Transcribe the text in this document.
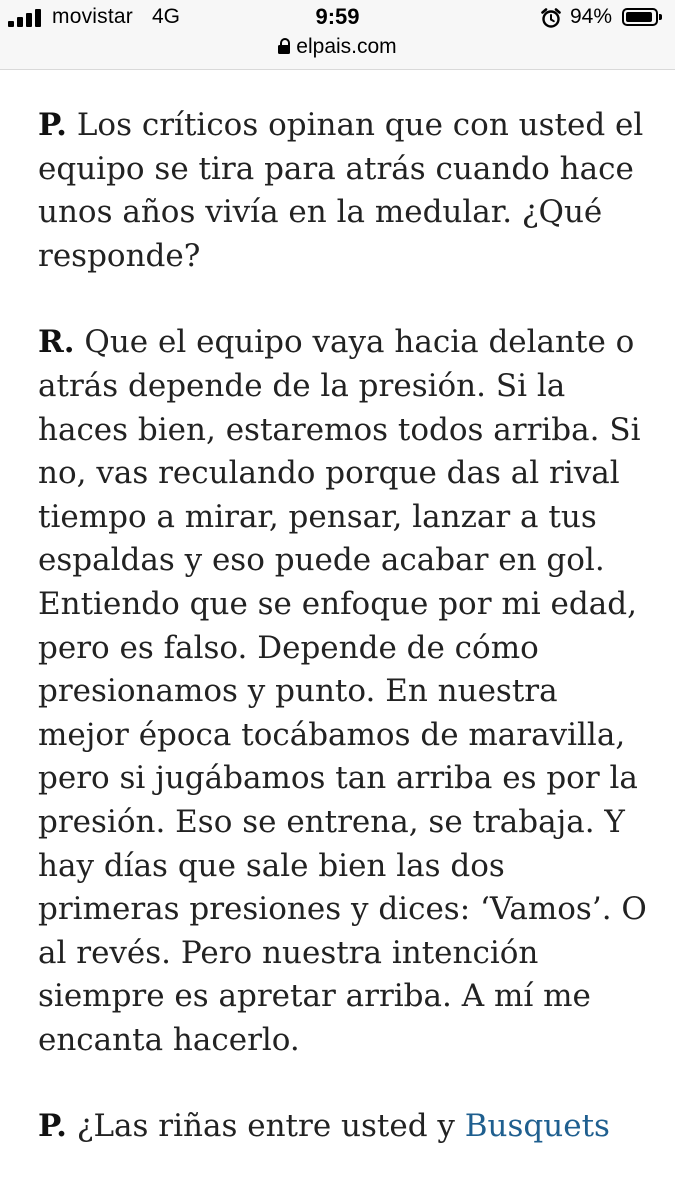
movistar 4G	9:59
elpais.com
94%

P. Los críticos opinan que con usted el equipo se tira para atrás cuando hace unos años vivía en la medular. ¿Qué responde?

R. Que el equipo vaya hacia delante o atrás depende de la presión. Si la haces bien, estaremos todos arriba. Si no, vas reculando porque das al rival tiempo a mirar, pensar, lanzar a tus espaldas y eso puede acabar en gol. Entiendo que se enfoque por mi edad, pero es falso. Depende de cómo presionamos y punto. En nuestra mejor época tocábamos de maravilla, pero si jugábamos tan arriba es por la presión. Eso se entrena, se trabaja. Y hay días que sale bien las dos primeras presiones y dices: ‘Vamos’. O al revés. Pero nuestra intención siempre es apretar arriba. A mí me encanta hacerlo.

P. ¿Las riñas entre usted y Busquets
